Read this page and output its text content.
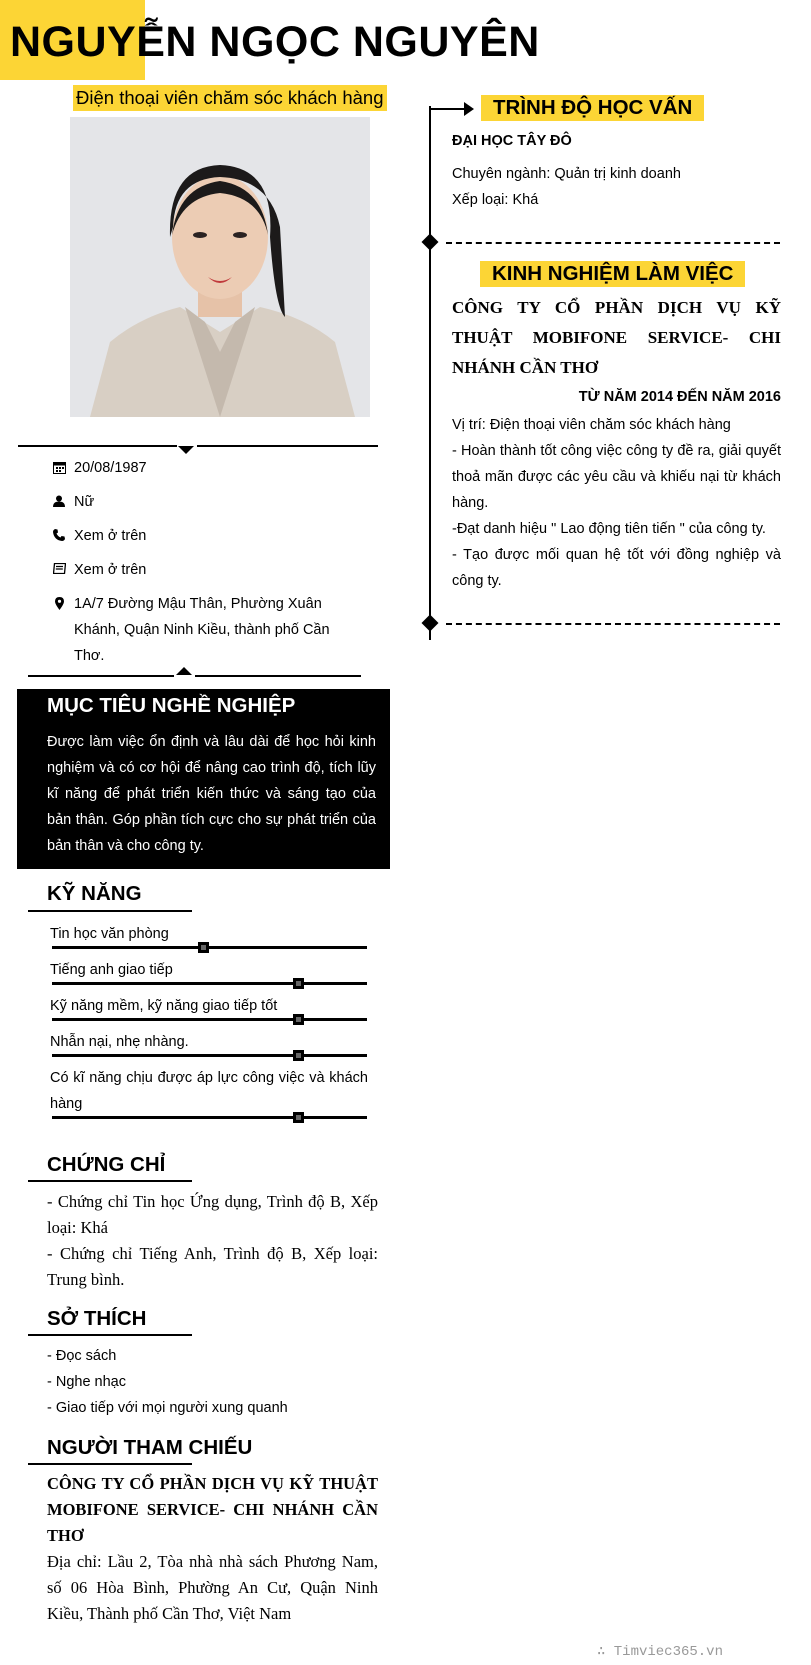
NGUYỄN NGỌC NGUYÊN
Điện thoại viên chăm sóc khách hàng
20/08/1987
Nữ
Xem ở trên
Xem ở trên
1A/7 Đường Mậu Thân, Phường Xuân Khánh, Quận Ninh Kiều, thành phố Cần Thơ.
MỤC TIÊU NGHỀ NGHIỆP
Được làm việc ổn định và lâu dài để học hỏi kinh nghiệm và có cơ hội để nâng cao trình độ, tích lũy kĩ năng để phát triển kiến thức và sáng tạo của bản thân. Góp phần tích cực cho sự phát triển của bản thân và cho công ty.
KỸ NĂNG
Tin học văn phòng
Tiếng anh giao tiếp
Kỹ năng mềm, kỹ năng giao tiếp tốt
Nhẫn nại, nhẹ nhàng.
Có kĩ năng chịu được áp lực công việc và khách hàng
CHỨNG CHỈ
- Chứng chỉ Tin học Ứng dụng, Trình độ B, Xếp loại: Khá
- Chứng chỉ Tiếng Anh, Trình độ B, Xếp loại: Trung bình.
SỞ THÍCH
- Đọc sách
- Nghe nhạc
- Giao tiếp với mọi người xung quanh
NGƯỜI THAM CHIẾU
CÔNG TY CỔ PHẦN DỊCH VỤ KỸ THUẬT MOBIFONE SERVICE- CHI NHÁNH CẦN THƠ
Địa chỉ: Lầu 2, Tòa nhà nhà sách Phương Nam, số 06 Hòa Bình, Phường An Cư, Quận Ninh Kiều, Thành phố Cần Thơ, Việt Nam
TRÌNH ĐỘ HỌC VẤN
ĐẠI HỌC TÂY ĐÔ
Chuyên ngành: Quản trị kinh doanh
Xếp loại: Khá
KINH NGHIỆM LÀM VIỆC
CÔNG TY CỔ PHẦN DỊCH VỤ KỸ THUẬT MOBIFONE SERVICE- CHI NHÁNH CẦN THƠ
TỪ NĂM 2014 ĐẾN NĂM 2016
Vị trí: Điện thoại viên chăm sóc khách hàng
- Hoàn thành tốt công việc công ty đề ra, giải quyết thoả mãn được các yêu cầu và khiếu nại từ khách hàng.
-Đạt danh hiệu " Lao động tiên tiến " của công ty.
- Tạo được mối quan hệ tốt với đồng nghiệp và công ty.
∴ Timviec365.vn
